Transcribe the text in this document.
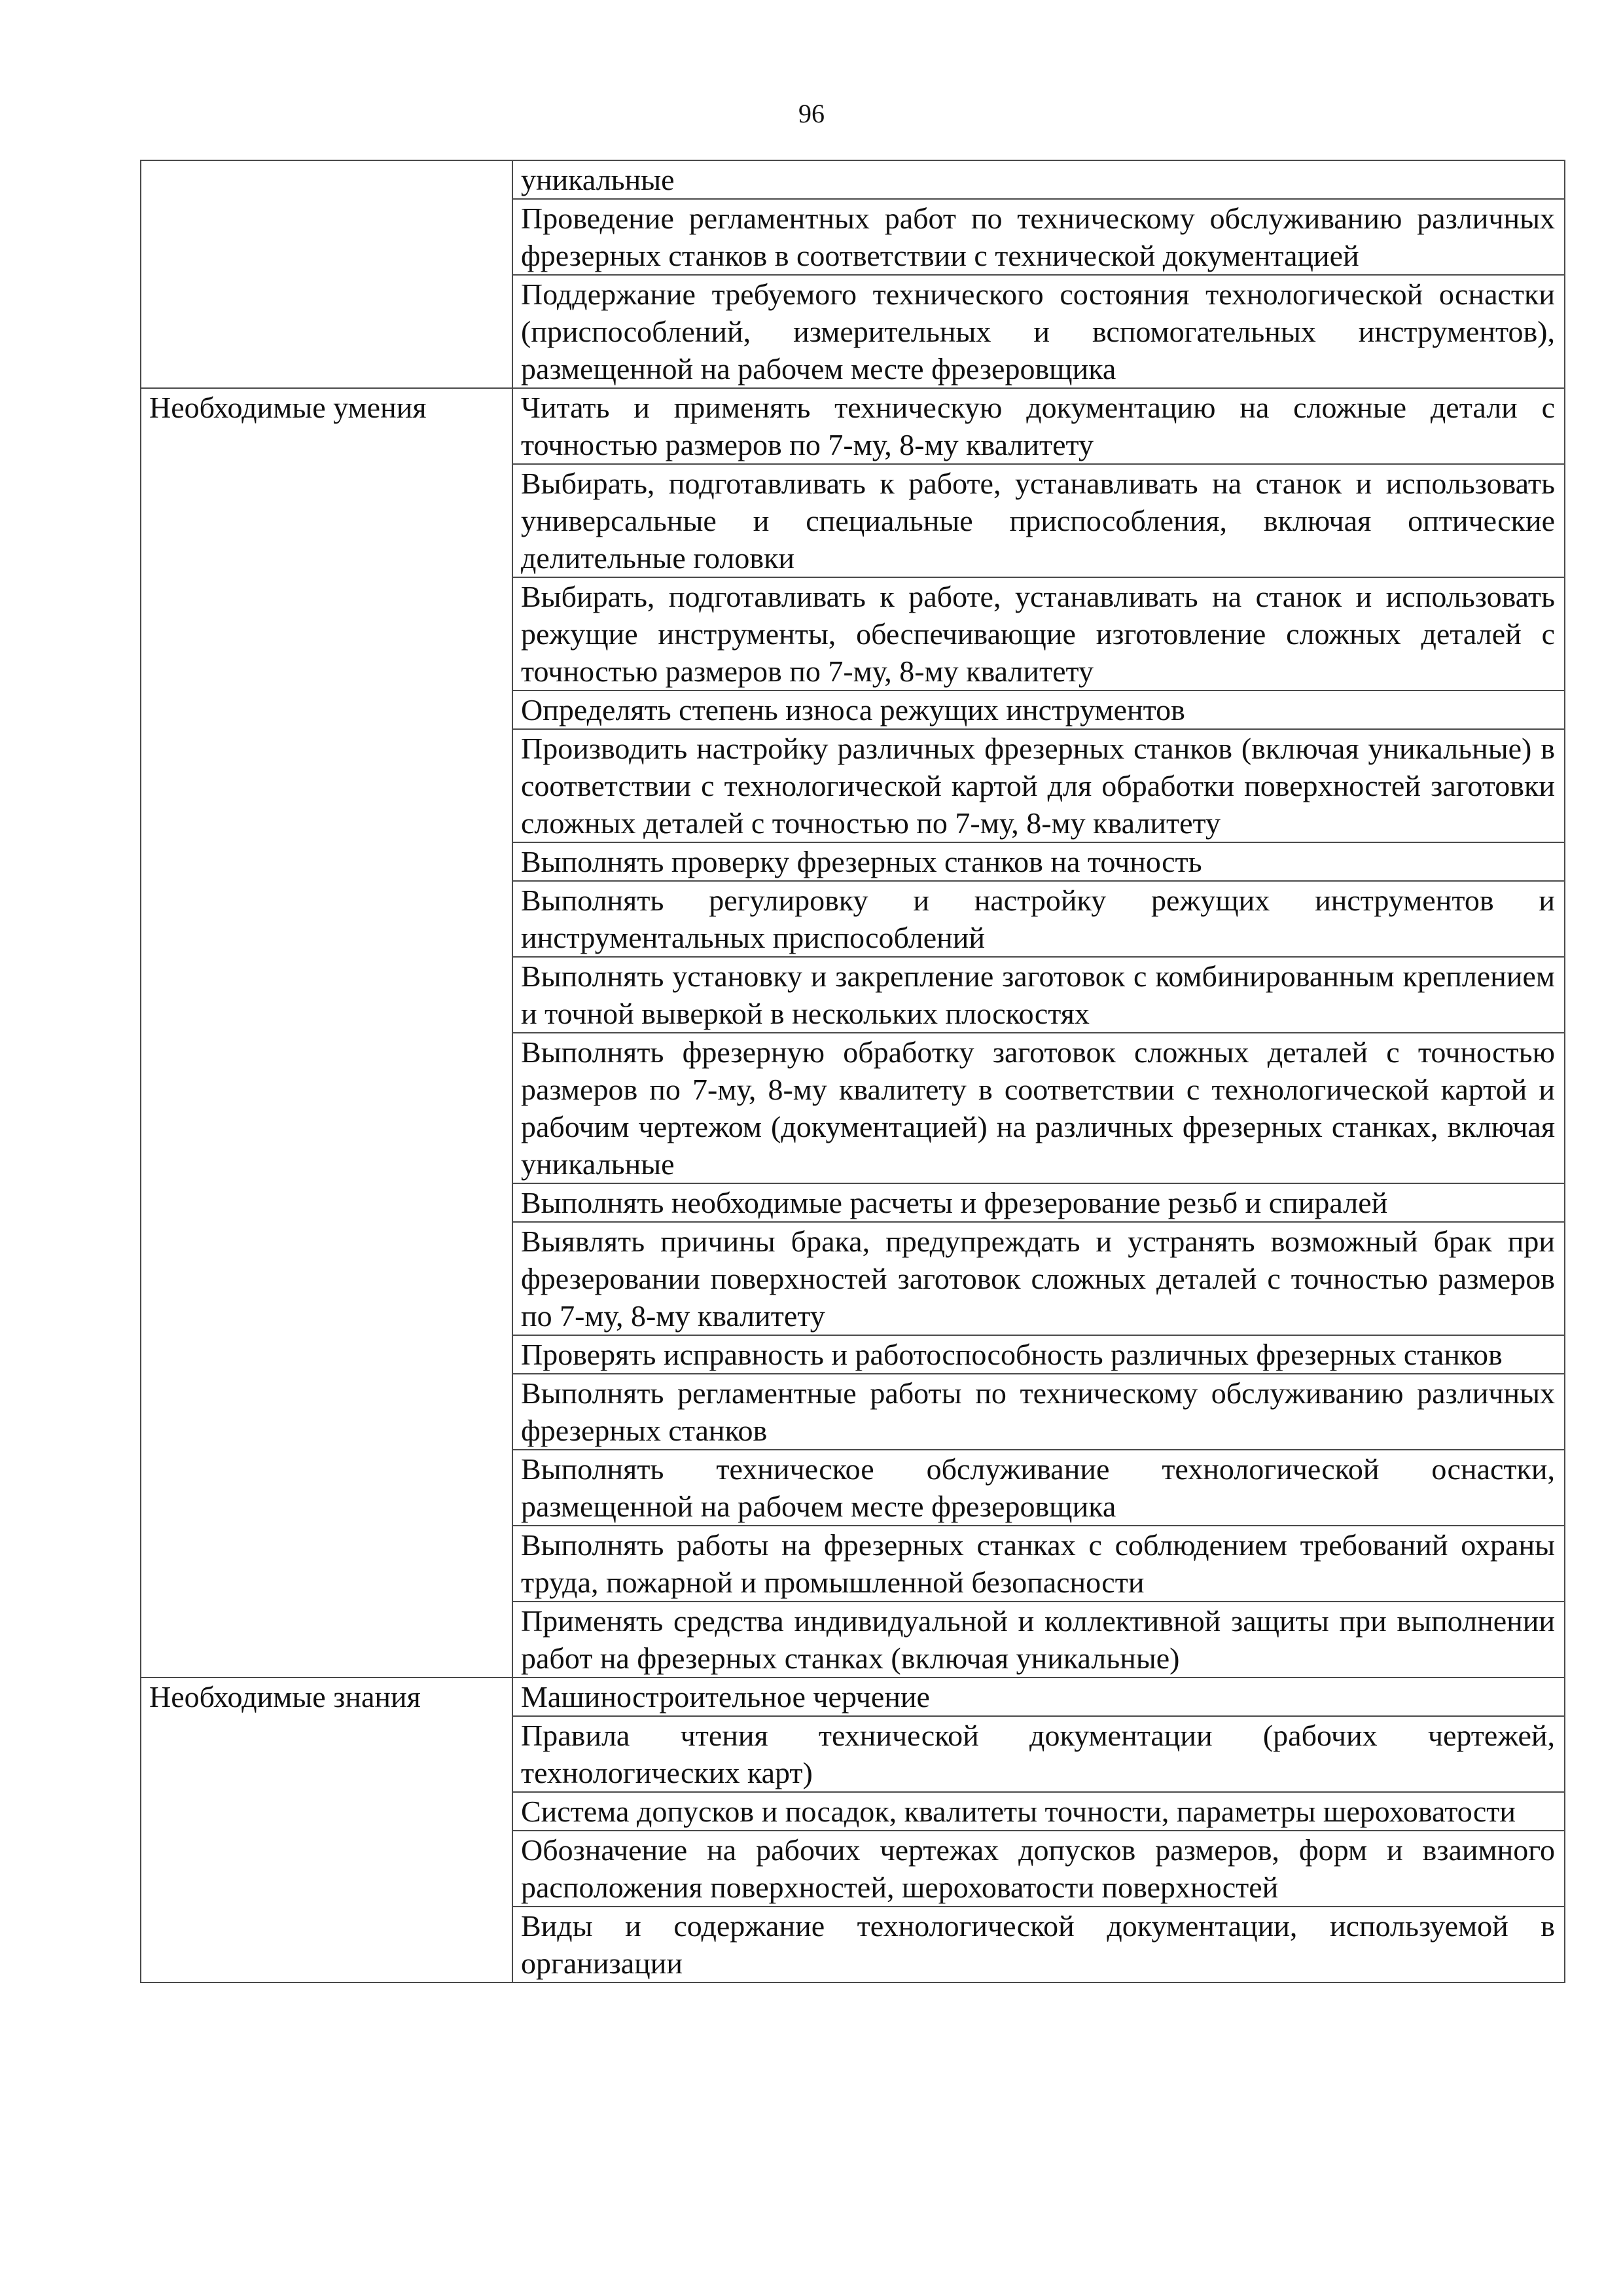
96
	уникальные
	Проведение регламентных работ по техническому обслуживанию различных фрезерных станков в соответствии с технической документацией
	Поддержание требуемого технического состояния технологической оснастки (приспособлений, измерительных и вспомогательных инструментов), размещенной на рабочем месте фрезеровщика
Необходимые умения	Читать и применять техническую документацию на сложные детали с точностью размеров по 7-му, 8-му квалитету
	Выбирать, подготавливать к работе, устанавливать на станок и использовать универсальные и специальные приспособления, включая оптические делительные головки
	Выбирать, подготавливать к работе, устанавливать на станок и использовать режущие инструменты, обеспечивающие изготовление сложных деталей с точностью размеров по 7-му, 8-му квалитету
	Определять степень износа режущих инструментов
	Производить настройку различных фрезерных станков (включая уникальные) в соответствии с технологической картой для обработки поверхностей заготовки сложных деталей с точностью по 7-му, 8-му квалитету
	Выполнять проверку фрезерных станков на точность
	Выполнять регулировку и настройку режущих инструментов и инструментальных приспособлений
	Выполнять установку и закрепление заготовок с комбинированным креплением и точной выверкой в нескольких плоскостях
	Выполнять фрезерную обработку заготовок сложных деталей с точностью размеров по 7-му, 8-му квалитету в соответствии с технологической картой и рабочим чертежом (документацией) на различных фрезерных станках, включая уникальные
	Выполнять необходимые расчеты и фрезерование резьб и спиралей
	Выявлять причины брака, предупреждать и устранять возможный брак при фрезеровании поверхностей заготовок сложных деталей с точностью размеров по 7-му, 8-му квалитету
	Проверять исправность и работоспособность различных фрезерных станков
	Выполнять регламентные работы по техническому обслуживанию различных фрезерных станков
	Выполнять техническое обслуживание технологической оснастки, размещенной на рабочем месте фрезеровщика
	Выполнять работы на фрезерных станках с соблюдением требований охраны труда, пожарной и промышленной безопасности
	Применять средства индивидуальной и коллективной защиты при выполнении работ на фрезерных станках (включая уникальные)
Необходимые знания	Машиностроительное черчение
	Правила чтения технической документации (рабочих чертежей, технологических карт)
	Система допусков и посадок, квалитеты точности, параметры шероховатости
	Обозначение на рабочих чертежах допусков размеров, форм и взаимного расположения поверхностей, шероховатости поверхностей
	Виды и содержание технологической документации, используемой в организации
